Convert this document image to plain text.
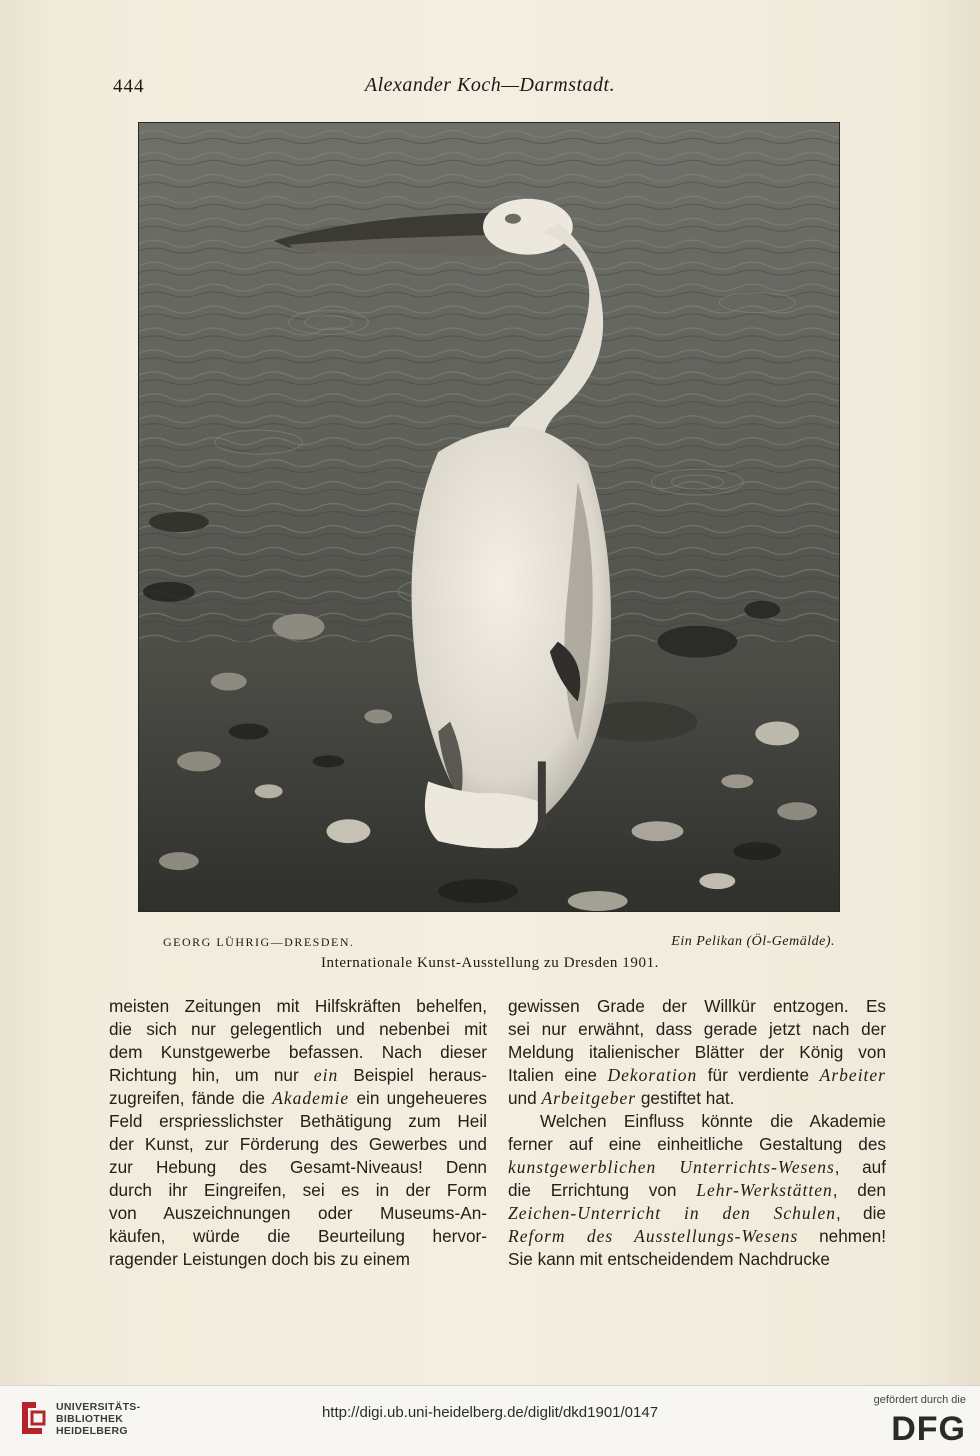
444	Alexander Koch—Darmstadt.
GEORG LÜHRIG—DRESDEN.	Ein Pelikan (Öl-Gemälde).
Internationale Kunst-Ausstellung zu Dresden 1901.
meisten Zeitungen mit Hilfskräften behelfen,
die sich nur gelegentlich und nebenbei mit
dem Kunstgewerbe befassen. Nach dieser
Richtung hin, um nur ein Beispiel heraus-
zugreifen, fände die Akademie ein ungeheueres
Feld erspriesslichster Bethätigung zum Heil
der Kunst, zur Förderung des Gewerbes und
zur Hebung des Gesamt-Niveaus! Denn
durch ihr Eingreifen, sei es in der Form
von Auszeichnungen oder Museums-An-
käufen, würde die Beurteilung hervor-
ragender Leistungen doch bis zu einem
gewissen Grade der Willkür entzogen. Es
sei nur erwähnt, dass gerade jetzt nach der
Meldung italienischer Blätter der König von
Italien eine Dekoration für verdiente Arbeiter
und Arbeitgeber gestiftet hat.
Welchen Einfluss könnte die Akademie
ferner auf eine einheitliche Gestaltung des
kunstgewerblichen Unterrichts-Wesens, auf
die Errichtung von Lehr-Werkstätten, den
Zeichen-Unterricht in den Schulen, die
Reform des Ausstellungs-Wesens nehmen!
Sie kann mit entscheidendem Nachdrucke
UNIVERSITÄTS-
BIBLIOTHEK
HEIDELBERG
http://digi.ub.uni-heidelberg.de/diglit/dkd1901/0147
gefördert durch die
DFG
